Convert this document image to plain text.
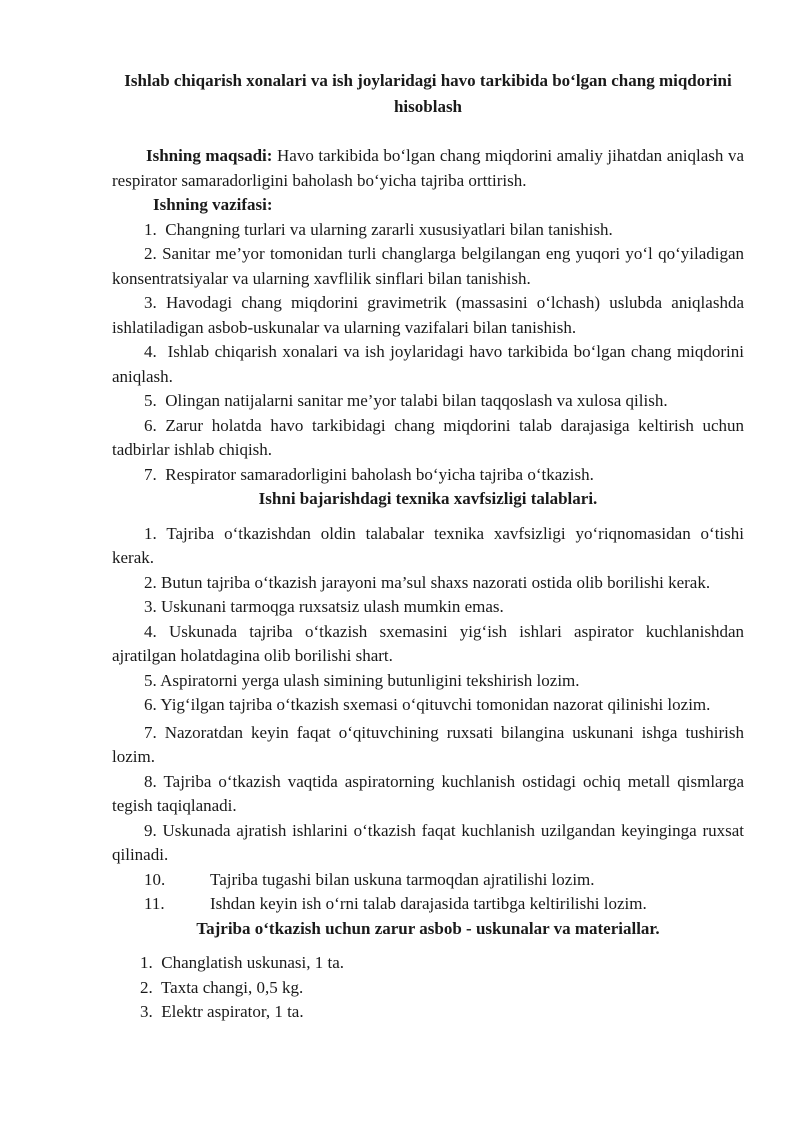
Ishlab chiqarish xonalari va ish joylaridagi havo tarkibida bo‘lgan chang miqdorini hisoblash

Ishning maqsadi: Havo tarkibida bo‘lgan chang miqdorini amaliy jihatdan aniqlash va respirator samaradorligini baholash bo‘yicha tajriba orttirish.

Ishning vazifasi:

1. Changning turlari va ularning zararli xususiyatlari bilan tanishish.

2. Sanitar me’yor tomonidan turli changlarga belgilangan eng yuqori yo‘l qo‘yiladigan konsentratsiyalar va ularning xavflilik sinflari bilan tanishish.

3. Havodagi chang miqdorini gravimetrik (massasini o‘lchash) uslubda aniqlashda ishlatiladigan asbob-uskunalar va ularning vazifalari bilan tanishish.

4. Ishlab chiqarish xonalari va ish joylaridagi havo tarkibida bo‘lgan chang miqdorini aniqlash.

5. Olingan natijalarni sanitar me’yor talabi bilan taqqoslash va xulosa qilish.

6. Zarur holatda havo tarkibidagi chang miqdorini talab darajasiga keltirish uchun tadbirlar ishlab chiqish.

7. Respirator samaradorligini baholash bo‘yicha tajriba o‘tkazish.

Ishni bajarishdagi texnika xavfsizligi talablari.

1. Tajriba o‘tkazishdan oldin talabalar texnika xavfsizligi yo‘riqnomasidan o‘tishi kerak.

2. Butun tajriba o‘tkazish jarayoni ma’sul shaxs nazorati ostida olib borilishi kerak.

3. Uskunani tarmoqga ruxsatsiz ulash mumkin emas.

4. Uskunada tajriba o‘tkazish sxemasini yig‘ish ishlari aspirator kuchlanishdan ajratilgan holatdagina olib borilishi shart.

5. Aspiratorni yerga ulash simining butunligini tekshirish lozim.

6. Yig‘ilgan tajriba o‘tkazish sxemasi o‘qituvchi tomonidan nazorat qilinishi lozim.

7. Nazoratdan keyin faqat o‘qituvchining ruxsati bilangina uskunani ishga tushirish lozim.

8. Tajriba o‘tkazish vaqtida aspiratorning kuchlanish ostidagi ochiq metall qismlarga tegish taqiqlanadi.

9. Uskunada ajratish ishlarini o‘tkazish faqat kuchlanish uzilgandan keyinginga ruxsat qilinadi.

10.	Tajriba tugashi bilan uskuna tarmoqdan ajratilishi lozim.

11.	Ishdan keyin ish o‘rni talab darajasida tartibga keltirilishi lozim.

Tajriba o‘tkazish uchun zarur asbob - uskunalar va materiallar.

1. Changlatish uskunasi, 1 ta.

2. Taxta changi, 0,5 kg.

3. Elektr aspirator, 1 ta.
